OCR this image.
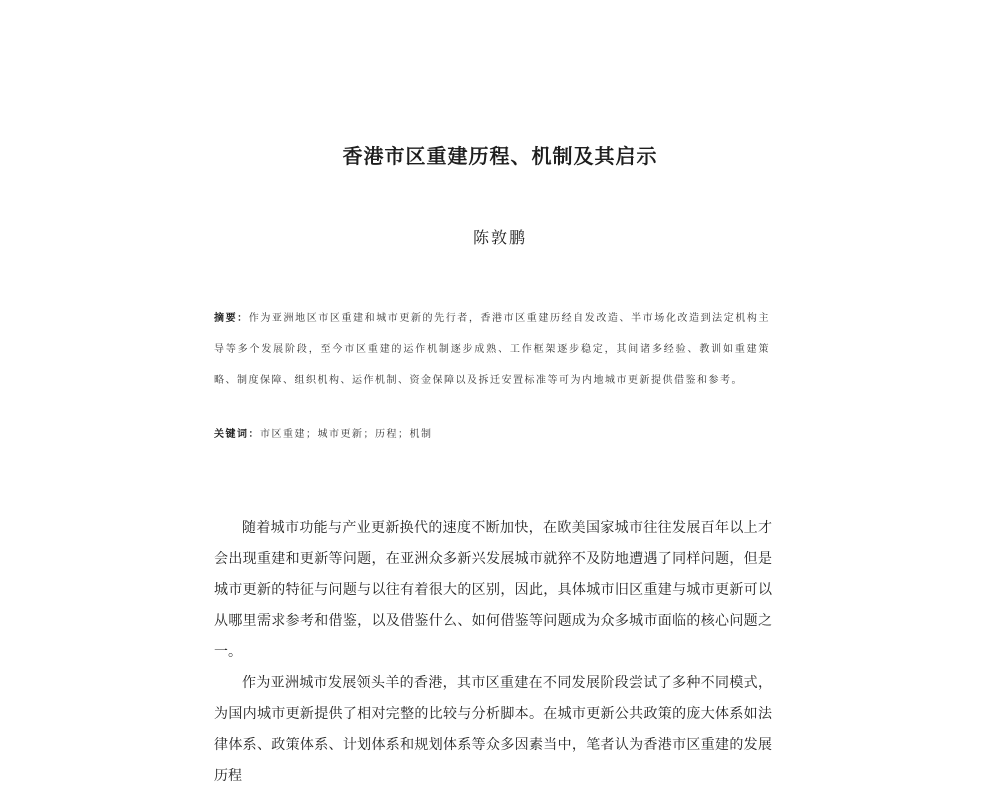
香港市区重建历程、机制及其启示
陈敦鹏
摘要：作为亚洲地区市区重建和城市更新的先行者，香港市区重建历经自发改造、半市场化改造到法定机构主导等多个发展阶段，至今市区重建的运作机制逐步成熟、工作框架逐步稳定，其间诸多经验、教训如重建策略、制度保障、组织机构、运作机制、资金保障以及拆迁安置标准等可为内地城市更新提供借鉴和参考。
关键词：市区重建；城市更新；历程；机制

随着城市功能与产业更新换代的速度不断加快，在欧美国家城市往往发展百年以上才会出现重建和更新等问题，在亚洲众多新兴发展城市就猝不及防地遭遇了同样问题，但是城市更新的特征与问题与以往有着很大的区别，因此，具体城市旧区重建与城市更新可以从哪里需求参考和借鉴，以及借鉴什么、如何借鉴等问题成为众多城市面临的核心问题之一。

作为亚洲城市发展领头羊的香港，其市区重建在不同发展阶段尝试了多种不同模式，为国内城市更新提供了相对完整的比较与分析脚本。在城市更新公共政策的庞大体系如法律体系、政策体系、计划体系和规划体系等众多因素当中，笔者认为香港市区重建的发展历程
